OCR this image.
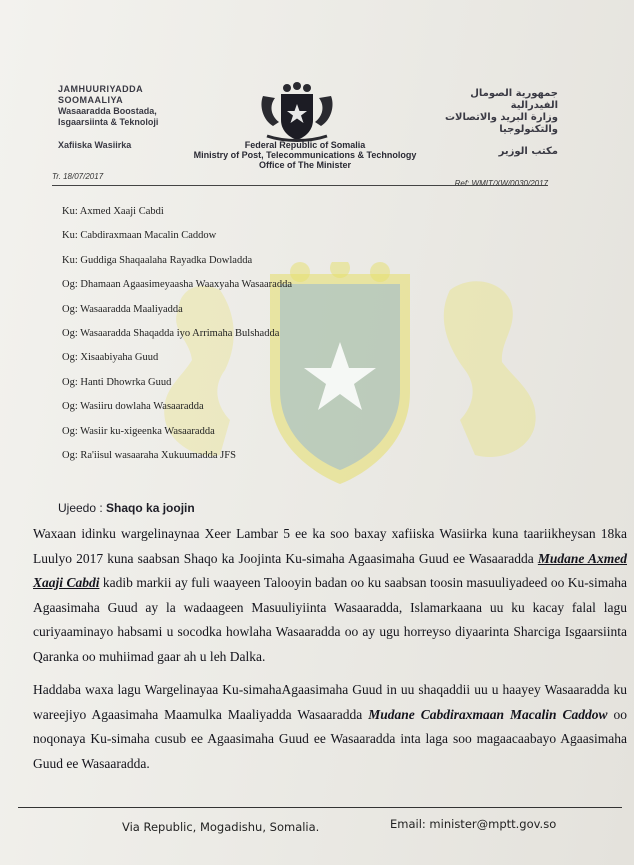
JAMHUURIYADDA
SOOMAALIYA
Wasaaradda Boostada,
Isgaarsiinta & Teknoloji
Xafiiska Wasiirka	Federal Republic of Somalia
Ministry of Post, Telecommunications & Technology
Office of The Minister
جمهورية الصومال الفيدرالية
وزارة البريد والاتصالات
والتكنولوجيا
مكتب الوزير
Tr. 18/07/2017
Ref: WMIT/XW/0030/2017
Ku: Axmed Xaaji Cabdi
Ku: Cabdiraxmaan Macalin Caddow
Ku: Guddiga Shaqaalaha Rayadka Dowladda
Og: Dhamaan Agaasimeyaasha Waaxyaha Wasaaradda
Og: Wasaaradda Maaliyadda
Og: Wasaaradda Shaqadda iyo Arrimaha Bulshadda
Og: Xisaabiyaha Guud
Og: Hanti Dhowrka Guud
Og: Wasiiru dowlaha Wasaaradda
Og: Wasiir ku-xigeenka Wasaaradda
Og: Ra'iisul wasaaraha Xukuumadda JFS
Ujeedo : Shaqo ka joojin
Waxaan idinku wargelinaynaa Xeer Lambar 5 ee ka soo baxay xafiiska Wasiirka kuna taariikheysan 18ka Luulyo 2017 kuna saabsan Shaqo ka Joojinta Ku-simaha Agaasimaha Guud ee Wasaaradda Mudane Axmed Xaaji Cabdi kadib markii ay fuli waayeen Talooyin badan oo ku saabsan toosin masuuliyadeed oo Ku-simaha Agaasimaha Guud ay la wadaageen Masuuliyiinta Wasaaradda, Islamarkaana uu ku kacay falal lagu curiyaaminayo habsami u socodka howlaha Wasaaradda oo ay ugu horreyso diyaarinta Sharciga Isgaarsiinta Qaranka oo muhiimad gaar ah u leh Dalka.
Haddaba waxa lagu Wargelinayaa Ku-simahaAgaasimaha Guud in uu shaqaddii uu u haayey Wasaaradda ku wareejiyo Agaasimaha Maamulka Maaliyadda Wasaaradda Mudane Cabdiraxmaan Macalin Caddow oo noqonaya Ku-simaha cusub ee Agaasimaha Guud ee Wasaaradda inta laga soo magaacaabayo Agaasimaha Guud ee Wasaaradda.
Via Republic, Mogadishu, Somalia.	Email: minister@mptt.gov.so
